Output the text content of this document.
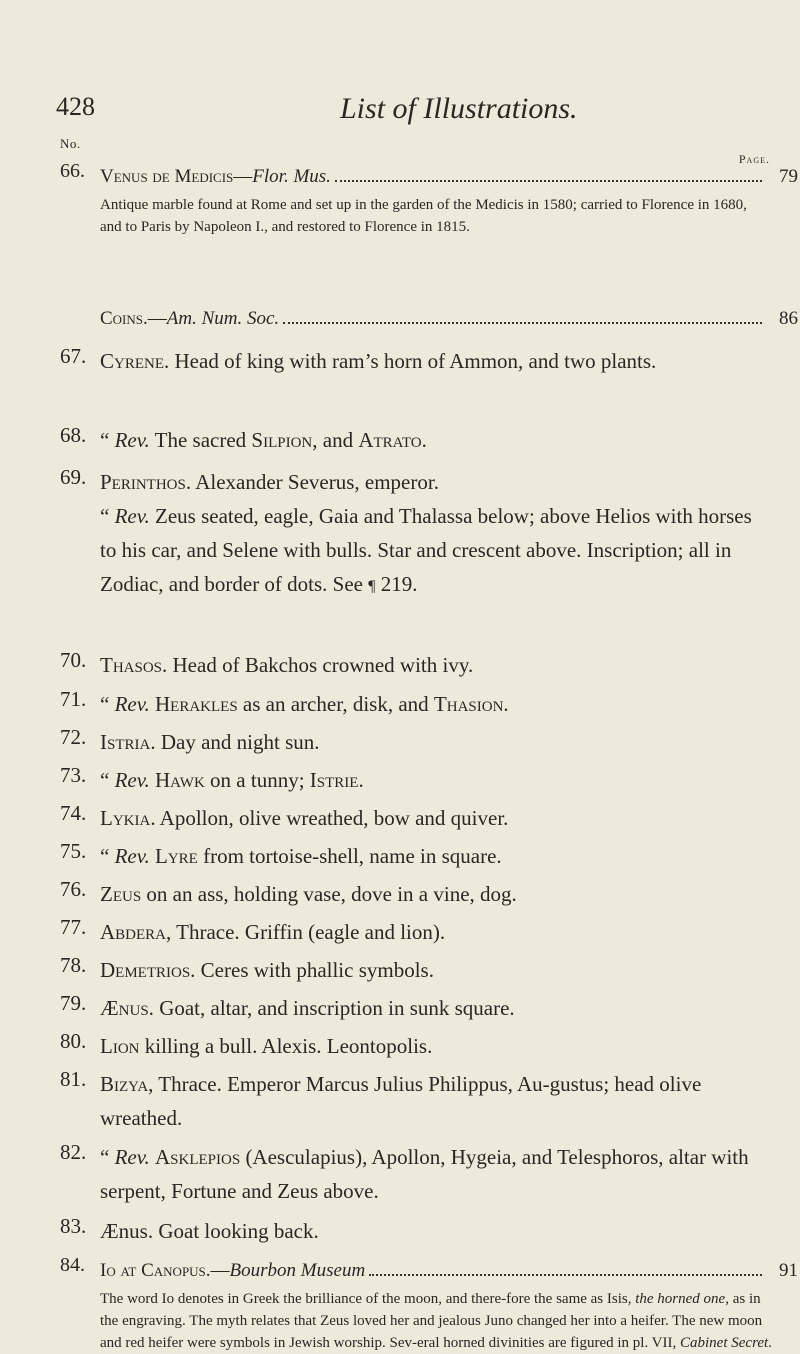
428	List of Illustrations.
No.
Page.
66. Venus de Medicis—Flor. Mus.	79

Antique marble found at Rome and set up in the garden of the Medicis in 1580; carried to Florence in 1680, and to Paris by Napoleon I., and restored to Florence in 1815.

Coins.—Am. Num. Soc.	86
67. Cyrene. Head of king with ram’s horn of Ammon, and two plants.

68. “ Rev. The sacred Silpion, and Atrato.

69. Perinthos. Alexander Severus, emperor.

“ Rev. Zeus seated, eagle, Gaia and Thalassa below; above Helios with horses to his car, and Selene with bulls. Star and crescent above. Inscription; all in Zodiac, and border of dots. See ¶ 219.

70. Thasos. Head of Bakchos crowned with ivy.

71. “ Rev. Herakles as an archer, disk, and Thasion.

72. Istria. Day and night sun.

73. “ Rev. Hawk on a tunny; Istrie.

74. Lykia. Apollon, olive wreathed, bow and quiver.

75. “ Rev. Lyre from tortoise-shell, name in square.

76. Zeus on an ass, holding vase, dove in a vine, dog.

77. Abdera, Thrace. Griffin (eagle and lion).

78. Demetrios. Ceres with phallic symbols.

79. Ænus. Goat, altar, and inscription in sunk square.

80. Lion killing a bull. Alexis. Leontopolis.

81. Bizya, Thrace. Emperor Marcus Julius Philippus, Au-gustus; head olive wreathed.

82. “ Rev. Asklepios (Aesculapius), Apollon, Hygeia, and Telesphoros, altar with serpent, Fortune and Zeus above.

83. Ænus. Goat looking back.

84. Io at Canopus.—Bourbon Museum	91

The word Io denotes in Greek the brilliance of the moon, and there-fore the same as Isis, the horned one, as in the engraving. The myth relates that Zeus loved her and jealous Juno changed her into a heifer. The new moon and red heifer were symbols in Jewish worship. Sev-eral horned divinities are figured in pl. VII, Cabinet Secret.
